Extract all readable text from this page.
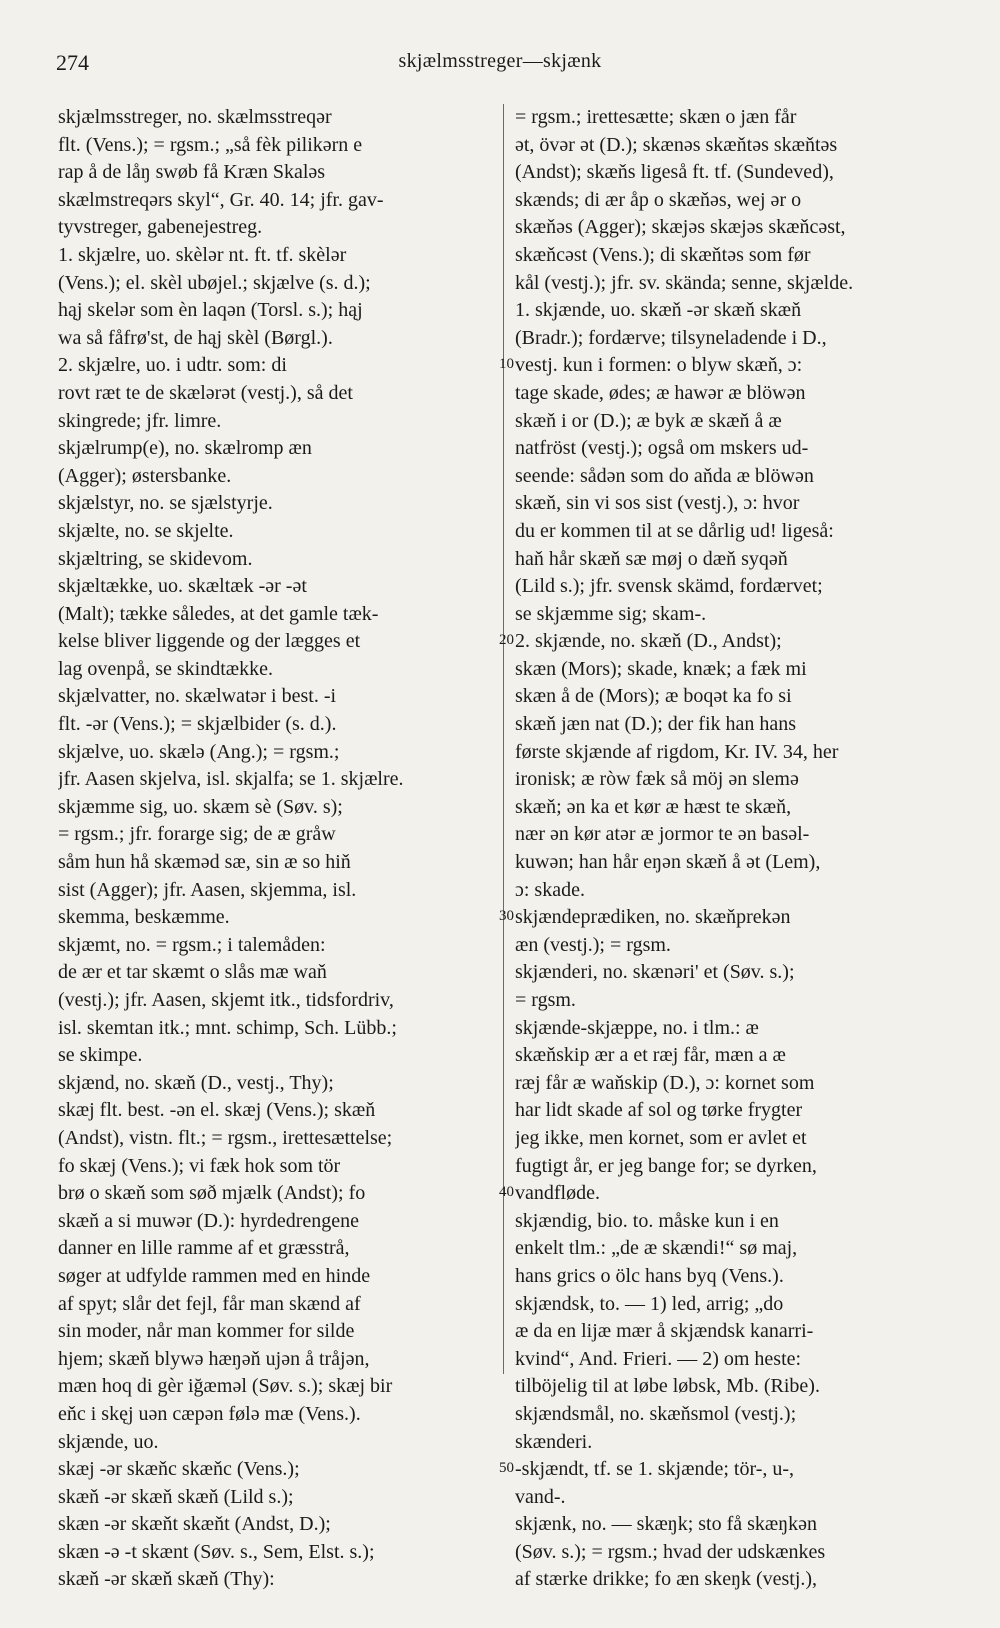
274	skjælmsstreger—skjænk
skjælmsstreger, no. skælmsstreqər
flt. (Vens.); = rgsm.; „så fèk pilikərn e
rap å de låŋ swøb få Kræn Skaləs
skælmstreqərs skyl“, Gr. 40. 14; jfr. gav-
tyvstreger, gabenejestreg.
1. skjælre, uo. skèlər nt. ft. tf. skèlər
(Vens.); el. skèl ubøjel.; skjælve (s. d.);
hąj skelər som èn laqən (Torsl. s.); hąj
wa så fåfrø'st, de hąj skèl (Børgl.).
2. skjælre, uo. i udtr. som: di
rovt ræt te de skælərət (vestj.), så det
skingrede; jfr. limre.
skjælrump(e), no. skælromp æn
(Agger); østersbanke.
skjælstyr, no. se sjælstyrje.
skjælte, no. se skjelte.
skjæltring, se skidevom.
skjæltække, uo. skæltæk -ər -ət
(Malt); tække således, at det gamle tæk-
kelse bliver liggende og der lægges et
lag ovenpå, se skindtække.
skjælvatter, no. skælwatər i best. -i
flt. -ər (Vens.); = skjælbider (s. d.).
skjælve, uo. skælə (Ang.); = rgsm.;
jfr. Aasen skjelva, isl. skjalfa; se 1. skjælre.
skjæmme sig, uo. skæm sè (Søv. s);
= rgsm.; jfr. forarge sig; de æ gråw
såm hun hå skæməd sæ, sin æ so hiň
sist (Agger); jfr. Aasen, skjemma, isl.
skemma, beskæmme.
skjæmt, no. = rgsm.; i talemåden:
de ær et tar skæmt o slås mæ waň
(vestj.); jfr. Aasen, skjemt itk., tidsfordriv,
isl. skemtan itk.; mnt. schimp, Sch. Lübb.;
se skimpe.
skjænd, no. skæň (D., vestj., Thy);
skæj flt. best. -ən el. skæj (Vens.); skæň
(Andst), vistn. flt.; = rgsm., irettesættelse;
fo skæj (Vens.); vi fæk hok som tör
brø o skæň som søð mjælk (Andst); fo
skæň a si muwər (D.): hyrdedrengene
danner en lille ramme af et græsstrå,
søger at udfylde rammen med en hinde
af spyt; slår det fejl, får man skænd af
sin moder, når man kommer for silde
hjem; skæň blywə hæŋəň ujən å tråjən,
mæn hoq di gèr iğæməl (Søv. s.); skæj bir
eňc i skęj uən cæpən følə mæ (Vens.).
skjænde, uo.
skæj -ər skæňc skæňc (Vens.);
skæň -ər skæň skæň (Lild s.);
skæn -ər skæňt skæňt (Andst, D.);
skæn -ə -t skænt (Søv. s., Sem, Elst. s.);
skæň -ər skæň skæň (Thy):
10
20
30
40
50
= rgsm.; irettesætte; skæn o jæn får
ət, övər ət (D.); skænəs skæňtəs skæňtəs
(Andst); skæňs ligeså ft. tf. (Sundeved),
skænds; di ær åp o skæňəs, wej ər o
skæňəs (Agger); skæjəs skæjəs skæňcəst,
skæňcəst (Vens.); di skæňtəs som før
kål (vestj.); jfr. sv. skända; senne, skjælde.
1. skjænde, uo. skæň -ər skæň skæň
(Bradr.); fordærve; tilsyneladende i D.,
vestj. kun i formen: o blyw skæň, ɔ:
tage skade, ødes; æ hawər æ blöwən
skæň i or (D.); æ byk æ skæň å æ
natfröst (vestj.); også om mskers ud-
seende: sådən som do aňda æ blöwən
skæň, sin vi sos sist (vestj.), ɔ: hvor
du er kommen til at se dårlig ud! ligeså:
haň hår skæň sæ møj o dæň syqəň
(Lild s.); jfr. svensk skämd, fordærvet;
se skjæmme sig; skam-.
2. skjænde, no. skæň (D., Andst);
skæn (Mors); skade, knæk; a fæk mi
skæn å de (Mors); æ boqət ka fo si
skæň jæn nat (D.); der fik han hans
første skjænde af rigdom, Kr. IV. 34, her
ironisk; æ ròw fæk så möj ən slemə
skæň; ən ka et kør æ hæst te skæň,
nær ən kør atər æ jormor te ən basəl-
kuwən; han hår eŋən skæň å ət (Lem),
ɔ: skade.
skjændeprædiken, no. skæňprekən
æn (vestj.); = rgsm.
skjænderi, no. skænəri' et (Søv. s.);
= rgsm.
skjænde-skjæppe, no. i tlm.: æ
skæňskip ær a et ræj får, mæn a æ
ræj får æ waňskip (D.), ɔ: kornet som
har lidt skade af sol og tørke frygter
jeg ikke, men kornet, som er avlet et
fugtigt år, er jeg bange for; se dyrken,
vandfløde.
skjændig, bio. to. måske kun i en
enkelt tlm.: „de æ skændi!“ sø maj,
hans grics o ölc hans byq (Vens.).
skjændsk, to. — 1) led, arrig; „do
æ da en lijæ mær å skjændsk kanarri-
kvind“, And. Frieri. — 2) om heste:
tilböjelig til at løbe løbsk, Mb. (Ribe).
skjændsmål, no. skæňsmol (vestj.);
skænderi.
-skjændt, tf. se 1. skjænde; tör-, u-,
vand-.
skjænk, no. — skæŋk; sto få skæŋkən
(Søv. s.); = rgsm.; hvad der udskænkes
af stærke drikke; fo æn skeŋk (vestj.),
